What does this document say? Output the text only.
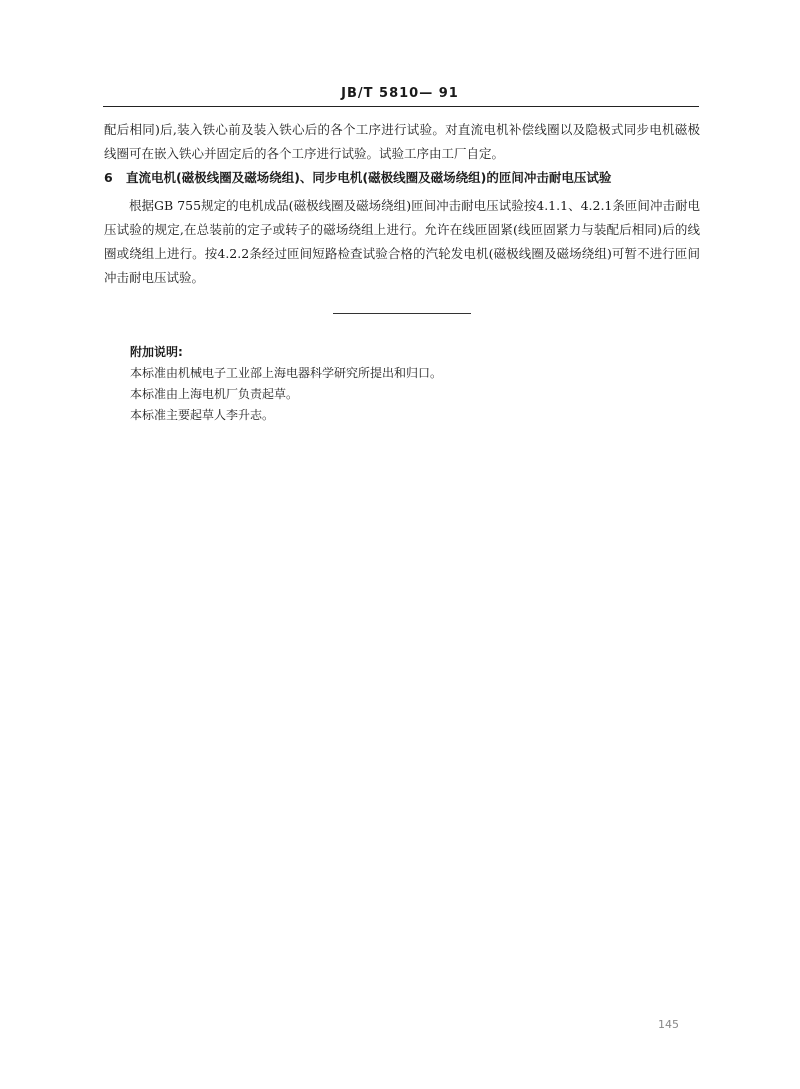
JB/T 5810— 91

配后相同)后,装入铁心前及装入铁心后的各个工序进行试验。对直流电机补偿线圈以及隐极式同步电机磁极线圈可在嵌入铁心并固定后的各个工序进行试验。试验工序由工厂自定。

6 直流电机(磁极线圈及磁场绕组)、同步电机(磁极线圈及磁场绕组)的匝间冲击耐电压试验

根据GB 755规定的电机成品(磁极线圈及磁场绕组)匝间冲击耐电压试验按4.1.1、4.2.1条匝间冲击耐电压试验的规定,在总装前的定子或转子的磁场绕组上进行。允许在线匝固紧(线匝固紧力与装配后相同)后的线圈或绕组上进行。按4.2.2条经过匝间短路检查试验合格的汽轮发电机(磁极线圈及磁场绕组)可暂不进行匝间冲击耐电压试验。

附加说明:
本标准由机械电子工业部上海电器科学研究所提出和归口。
本标准由上海电机厂负责起草。
本标准主要起草人李升志。
145
